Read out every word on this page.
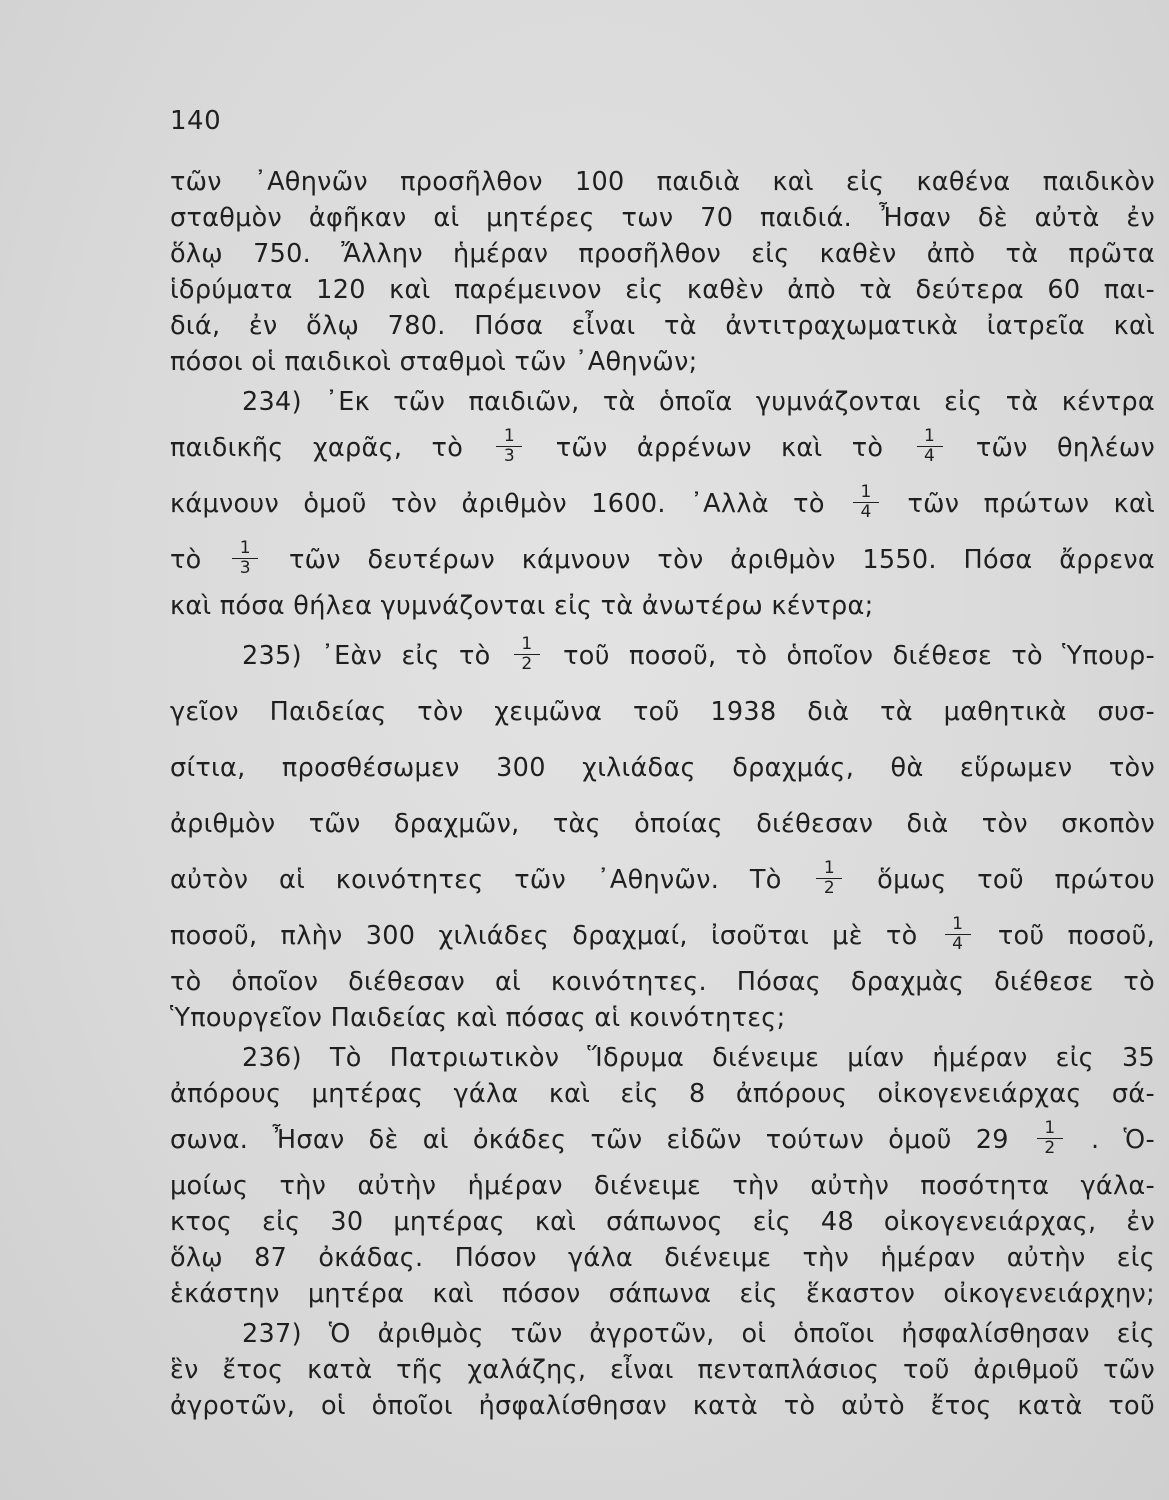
140
τῶν ᾿Αθηνῶν προσῆλθον 100 παιδιὰ καὶ εἰς καθένα παιδικὸν
σταθμὸν ἀφῆκαν αἱ μητέρες των 70 παιδιά. Ἦσαν δὲ αὐτὰ ἐν
ὅλῳ 750. Ἄλλην ἡμέραν προσῆλθον εἰς καθὲν ἀπὸ τὰ πρῶτα
ἱδρύματα 120 καὶ παρέμεινον εἰς καθὲν ἀπὸ τὰ δεύτερα 60 παι-
διά, ἐν ὅλῳ 780. Πόσα εἶναι τὰ ἀντιτραχωματικὰ ἰατρεῖα καὶ
πόσοι οἱ παιδικοὶ σταθμοὶ τῶν ᾿Αθηνῶν;
234) ᾿Εκ τῶν παιδιῶν, τὰ ὁποῖα γυμνάζονται εἰς τὰ κέντρα
παιδικῆς χαρᾶς, τὸ $\frac{1}{3}$ τῶν ἀρρένων καὶ τὸ $\frac{1}{4}$ τῶν θηλέων
κάμνουν ὁμοῦ τὸν ἀριθμὸν 1600. ᾿Αλλὰ τὸ $\frac{1}{4}$ τῶν πρώτων καὶ
τὸ $\frac{1}{3}$ τῶν δευτέρων κάμνουν τὸν ἀριθμὸν 1550. Πόσα ἄρρενα
καὶ πόσα θήλεα γυμνάζονται εἰς τὰ ἀνωτέρω κέντρα;
235) ᾿Εὰν εἰς τὸ $\frac{1}{2}$ τοῦ ποσοῦ, τὸ ὁποῖον διέθεσε τὸ Ὑπουρ-
γεῖον Παιδείας τὸν χειμῶνα τοῦ 1938 διὰ τὰ μαθητικὰ συσ-
σίτια, προσθέσωμεν 300 χιλιάδας δραχμάς, θὰ εὕρωμεν τὸν
ἀριθμὸν τῶν δραχμῶν, τὰς ὁποίας διέθεσαν διὰ τὸν σκοπὸν
αὐτὸν αἱ κοινότητες τῶν ᾿Αθηνῶν. Τὸ $\frac{1}{2}$ ὅμως τοῦ πρώτου
ποσοῦ, πλὴν 300 χιλιάδες δραχμαί, ἰσοῦται μὲ τὸ $\frac{1}{4}$ τοῦ ποσοῦ,
τὸ ὁποῖον διέθεσαν αἱ κοινότητες. Πόσας δραχμὰς διέθεσε τὸ
Ὑπουργεῖον Παιδείας καὶ πόσας αἱ κοινότητες;
236) Τὸ Πατριωτικὸν Ἵδρυμα διένειμε μίαν ἡμέραν εἰς 35
ἀπόρους μητέρας γάλα καὶ εἰς 8 ἀπόρους οἰκογενειάρχας σά-
σωνα. Ἦσαν δὲ αἱ ὀκάδες τῶν εἰδῶν τούτων ὁμοῦ $29 \frac{1}{2}$ . Ὁ-
μοίως τὴν αὐτὴν ἡμέραν διένειμε τὴν αὐτὴν ποσότητα γάλα-
κτος εἰς 30 μητέρας καὶ σάπωνος εἰς 48 οἰκογενειάρχας, ἐν
ὅλῳ 87 ὀκάδας. Πόσον γάλα διένειμε τὴν ἡμέραν αὐτὴν εἰς
ἑκάστην μητέρα καὶ πόσον σάπωνα εἰς ἕκαστον οἰκογενειάρχην;
237) Ὁ ἀριθμὸς τῶν ἀγροτῶν, οἱ ὁποῖοι ἠσφαλίσθησαν εἰς
ἓν ἔτος κατὰ τῆς χαλάζης, εἶναι πενταπλάσιος τοῦ ἀριθμοῦ τῶν
ἀγροτῶν, οἱ ὁποῖοι ἠσφαλίσθησαν κατὰ τὸ αὐτὸ ἔτος κατὰ τοῦ
